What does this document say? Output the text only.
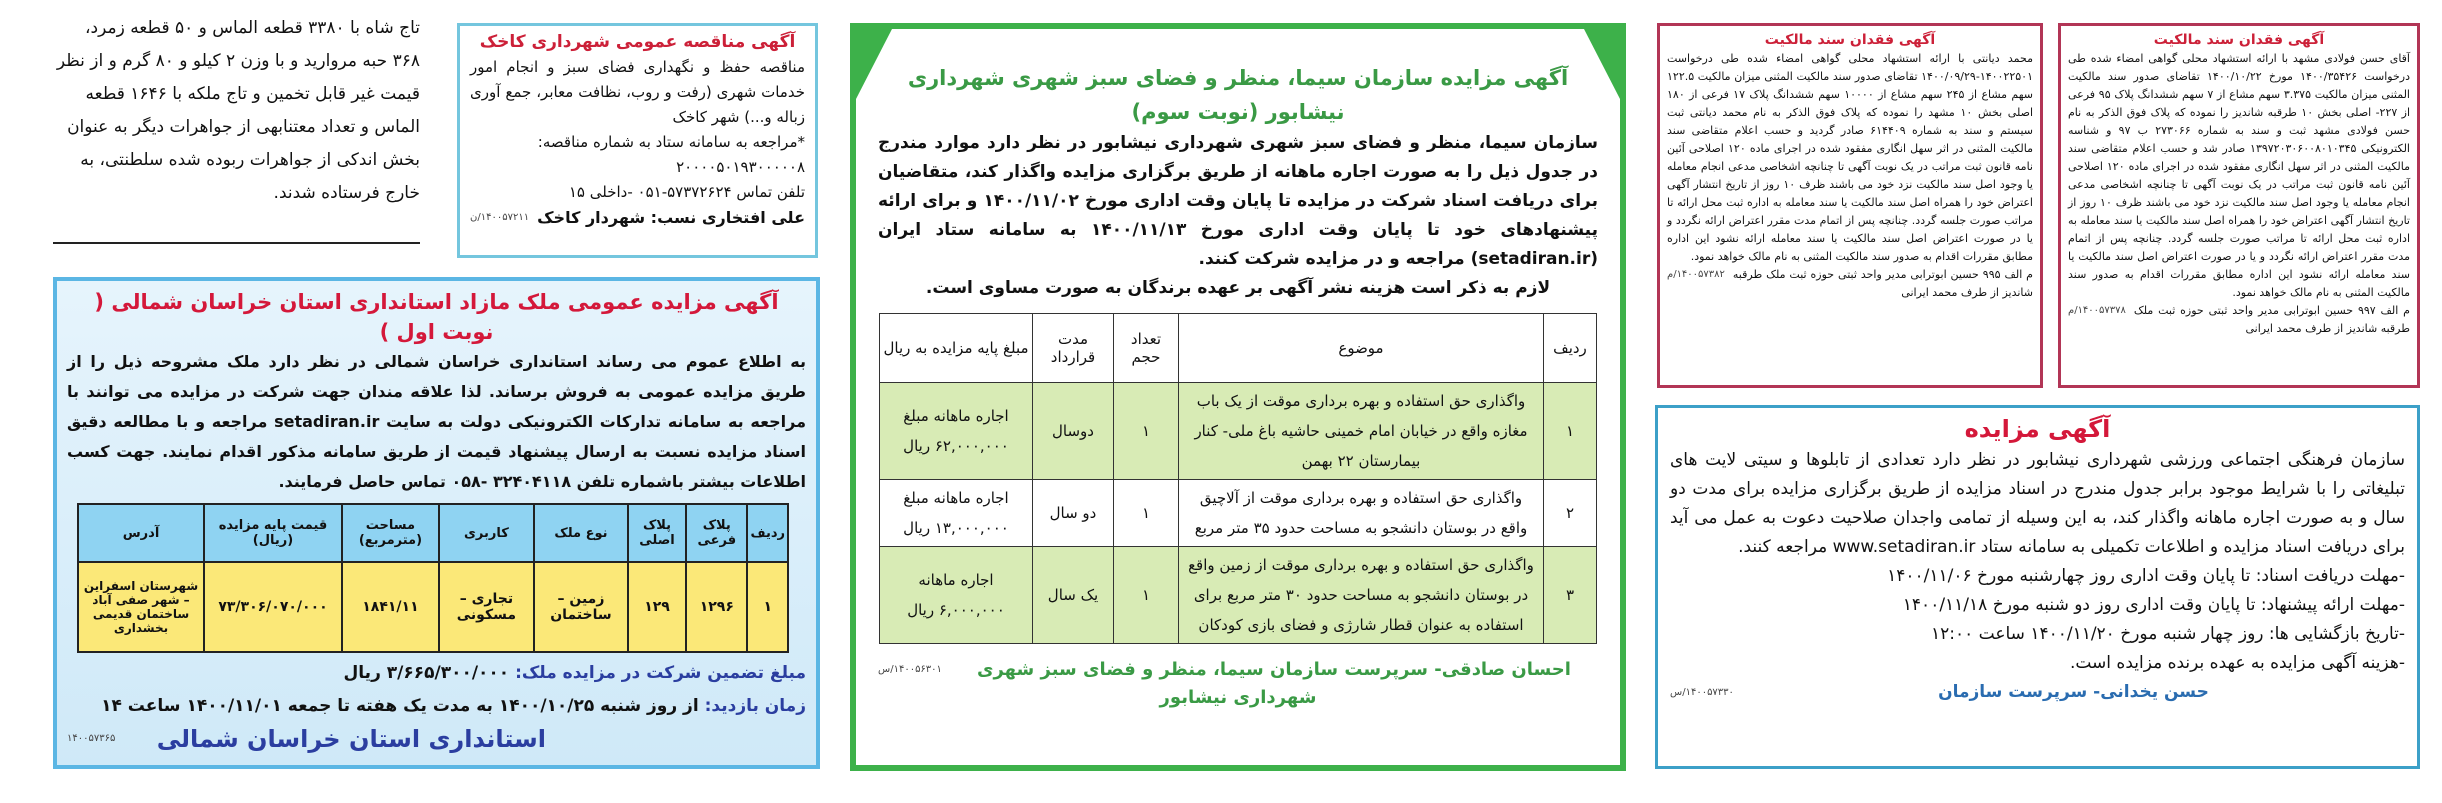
تاج شاه با ۳۳۸۰ قطعه الماس و ۵۰ قطعه زمرد،
۳۶۸ حبه مروارید و با وزن ۲ کیلو و ۸۰ گرم و از نظر
قیمت غیر قابل تخمین و تاج ملکه با ۱۶۴۶ قطعه
الماس و تعداد معتنابهی از جواهرات دیگر به عنوان
بخش اندکی از جواهرات ربوده شده سلطنتی، به
خارج فرستاده شدند.
آگهی مناقصه عمومی شهرداری کاخک
مناقصه حفظ و نگهداری فضای سبز و انجام امور خدمات شهری (رفت و روب، نظافت معابر، جمع آوری زباله و...) شهر کاخک
*مراجعه به سامانه ستاد به شماره مناقصه:
۲۰۰۰۰۵۰۱۹۳۰۰۰۰۰۸
تلفن تماس ۵۷۳۷۲۶۲۴-۰۵۱ -داخلی ۱۵
۱۴۰۰۵۷۲۱۱/ن علی افتخاری نسب: شهردار کاخک
آگهی مزایده عمومی ملک مازاد استانداری استان خراسان شمالی ( نوبت اول )
به اطلاع عموم می رساند استانداری خراسان شمالی در نظر دارد ملک مشروحه ذیل را از طریق مزایده عمومی به فروش برساند. لذا علاقه مندان جهت شرکت در مزایده می توانند با مراجعه به سامانه تدارکات الکترونیکی دولت به سایت setadiran.ir مراجعه و با مطالعه دقیق اسناد مزایده نسبت به ارسال پیشنهاد قیمت از طریق سامانه مذکور اقدام نمایند. جهت کسب اطلاعات بیشتر باشماره تلفن ۳۲۴۰۴۱۱۸ -۰۵۸ تماس حاصل فرمایند.
ردیف	پلاک فرعی	پلاک اصلی	نوع ملک	کاربری	مساحت (مترمربع)	قیمت پایه مزایده (ریال)	آدرس
۱	۱۲۹۶	۱۲۹	زمین – ساختمان	تجاری – مسکونی	۱۸۴۱/۱۱	۷۳/۳۰۶/۰۷۰/۰۰۰	شهرستان اسفراین – شهر صفی آباد ساختمان قدیمی بخشداری
مبلغ تضمین شرکت در مزایده ملک: ۳/۶۶۵/۳۰۰/۰۰۰ ریال
زمان بازدید: از روز شنبه ۱۴۰۰/۱۰/۲۵ به مدت یک هفته تا جمعه ۱۴۰۰/۱۱/۰۱ ساعت ۱۴
۱۴۰۰۵۷۳۶۵ استانداری استان خراسان شمالی
آگهی مزایده سازمان سیما، منظر و فضای سبز شهری شهرداری نیشابور (نوبت سوم)
سازمان سیما، منظر و فضای سبز شهری شهرداری نیشابور در نظر دارد موارد مندرج در جدول ذیل را به صورت اجاره ماهانه از طریق برگزاری مزایده واگذار کند، متقاضیان برای دریافت اسناد شرکت در مزایده تا پایان وقت اداری مورخ ۱۴۰۰/۱۱/۰۲ و برای ارائه پیشنهادهای خود تا پایان وقت اداری مورخ ۱۴۰۰/۱۱/۱۳ به سامانه ستاد ایران (setadiran.ir) مراجعه و در مزایده شرکت کنند.
لازم به ذکر است هزینه نشر آگهی بر عهده برندگان به صورت مساوی است.
ردیف	موضوع	تعداد حجم	مدت قرارداد	مبلغ پایه مزایده به ریال
۱	واگذاری حق استفاده و بهره برداری موقت از یک باب مغازه واقع در خیابان امام خمینی حاشیه باغ ملی- کنار بیمارستان ۲۲ بهمن	۱	دوسال	اجاره ماهانه مبلغ ۶۲,۰۰۰,۰۰۰ ریال
۲	واگذاری حق استفاده و بهره برداری موقت از آلاچیق واقع در بوستان دانشجو به مساحت حدود ۳۵ متر مربع	۱	دو سال	اجاره ماهانه مبلغ ۱۳,۰۰۰,۰۰۰ ریال
۳	واگذاری حق استفاده و بهره برداری موقت از زمین واقع در بوستان دانشجو به مساحت حدود ۳۰ متر مربع برای استفاده به عنوان قطار شارژی و فضای بازی کودکان	۱	یک سال	اجاره ماهانه ۶,۰۰۰,۰۰۰ ریال
۱۴۰۰۵۶۳۰۱/س	احسان صادقی- سرپرست سازمان سیما، منظر و فضای سبز شهری شهرداری نیشابور
آگهی فقدان سند مالکیت
محمد دیانتی با ارائه استشهاد محلی گواهی امضاء شده طی درخواست ۱۴۰۰۲۲۵۰۱-۱۴۰۰/۰۹/۲۹ تقاضای صدور سند مالکیت المثنی میزان مالکیت ۱۲۲.۵ سهم مشاع از ۲۴۵ سهم مشاع از ۱۰۰۰۰ سهم ششدانگ پلاک ۱۷ فرعی از ۱۸۰ اصلی بخش ۱۰ مشهد را نموده که پلاک فوق الذکر به نام محمد دیانتی ثبت سیستم و سند به شماره ۶۱۴۴۰۹ صادر گردید و حسب اعلام متقاضی سند مالکیت المثنی در اثر سهل انگاری مفقود شده در اجرای ماده ۱۲۰ اصلاحی آئین نامه قانون ثبت مراتب در یک نوبت آگهی تا چنانچه اشخاصی مدعی انجام معامله یا وجود اصل سند مالکیت نزد خود می باشند ظرف ۱۰ روز از تاریخ انتشار آگهی اعتراض خود را همراه اصل سند مالکیت یا سند معامله به اداره ثبت محل ارائه تا مراتب صورت جلسه گردد. چنانچه پس از اتمام مدت مقرر اعتراض ارائه نگردد و یا در صورت اعتراض اصل سند مالکیت یا سند معامله ارائه نشود این اداره مطابق مقررات اقدام به صدور سند مالکیت المثنی به نام مالک خواهد نمود.
۱۴۰۰۵۷۳۸۲/م م الف ۹۹۵ حسین ابوترابی مدیر واحد ثبتی حوزه ثبت ملک طرقبه شاندیز از طرف محمد ایرانی
آگهی فقدان سند مالکیت
آقای حسن فولادی مشهد با ارائه استشهاد محلی گواهی امضاء شده طی درخواست ۱۴۰۰/۳۵۴۲۶ مورخ ۱۴۰۰/۱۰/۲۲ تقاضای صدور سند مالکیت المثنی میزان مالکیت ۳.۳۷۵ سهم مشاع از ۷ سهم ششدانگ پلاک ۹۵ فرعی از ۲۲۷- اصلی بخش ۱۰ طرقبه شاندیز را نموده که پلاک فوق الذکر به نام حسن فولادی مشهد ثبت و سند به شماره ۲۷۳۰۶۶ ب ۹۷ و شناسه الکترونیکی ۱۳۹۷۲۰۳۰۶۰۰۸۰۱۰۳۴۵ صادر شد و حسب اعلام متقاضی سند مالکیت المثنی در اثر سهل انگاری مفقود شده در اجرای ماده ۱۲۰ اصلاحی آئین نامه قانون ثبت مراتب در یک نوبت آگهی تا چنانچه اشخاصی مدعی انجام معامله یا وجود اصل سند مالکیت نزد خود می باشند ظرف ۱۰ روز از تاریخ انتشار آگهی اعتراض خود را همراه اصل سند مالکیت یا سند معامله به اداره ثبت محل ارائه تا مراتب صورت جلسه گردد. چنانچه پس از اتمام مدت مقرر اعتراض ارائه نگردد و یا در صورت اعتراض اصل سند مالکیت یا سند معامله ارائه نشود این اداره مطابق مقررات اقدام به صدور سند مالکیت المثنی به نام مالک خواهد نمود.
۱۴۰۰۵۷۳۷۸/م م الف ۹۹۷ حسین ابوترابی مدیر واحد ثبتی حوزه ثبت ملک طرقبه شاندیز از طرف محمد ایرانی
آگهی مزایده
سازمان فرهنگی اجتماعی ورزشی شهرداری نیشابور در نظر دارد تعدادی از تابلوها و سیتی لایت های تبلیغاتی را با شرایط موجود برابر جدول مندرج در اسناد مزایده از طریق برگزاری مزایده برای مدت دو سال و به صورت اجاره ماهانه واگذار کند، به این وسیله از تمامی واجدان صلاحیت دعوت به عمل می آید برای دریافت اسناد مزایده و اطلاعات تکمیلی به سامانه ستاد www.setadiran.ir مراجعه کنند.
-مهلت دریافت اسناد: تا پایان وقت اداری روز چهارشنبه مورخ ۱۴۰۰/۱۱/۰۶
-مهلت ارائه پیشنهاد: تا پایان وقت اداری روز دو شنبه مورخ ۱۴۰۰/۱۱/۱۸
-تاریخ بازگشایی ها: روز چهار شنبه مورخ ۱۴۰۰/۱۱/۲۰ ساعت ۱۲:۰۰
-هزینه آگهی مزایده به عهده برنده مزایده است.
۱۴۰۰۵۷۳۳۰/س	حسن یخدانی- سرپرست سازمان
